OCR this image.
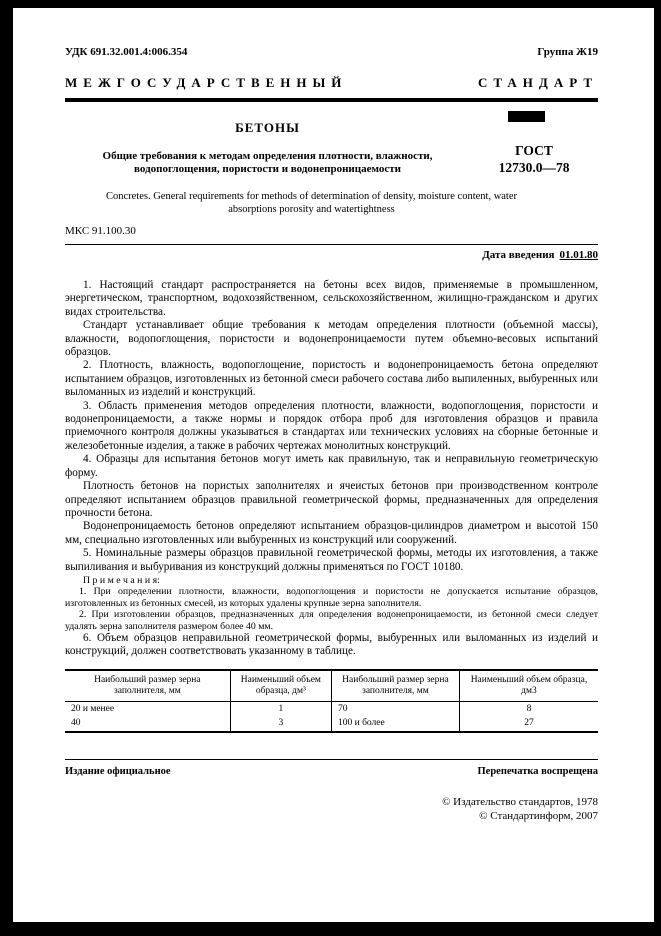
УДК 691.32.001.4:006.354	Группа Ж19
МЕЖГОСУДАРСТВЕННЫЙ СТАНДАРТ
БЕТОНЫ
Общие требования к методам определения плотности, влажности, водопоглощения, пористости и водонепроницаемости
ГОСТ
12730.0—78
Concretes. General requirements for methods of determination of density, moisture content, water absorptions porosity and watertightness
МКС 91.100.30
Дата введения 01.01.80

1. Настоящий стандарт распространяется на бетоны всех видов, применяемые в промышленном, энергетическом, транспортном, водохозяйственном, сельскохозяйственном, жилищно-гражданском и других видах строительства.

Стандарт устанавливает общие требования к методам определения плотности (объемной массы), влажности, водопоглощения, пористости и водонепроницаемости путем объемно-весовых испытаний образцов.

2. Плотность, влажность, водопоглощение, пористость и водонепроницаемость бетона определяют испытанием образцов, изготовленных из бетонной смеси рабочего состава либо выпиленных, выбуренных или выломанных из изделий и конструкций.

3. Область применения методов определения плотности, влажности, водопоглощения, пористости и водонепроницаемости, а также нормы и порядок отбора проб для изготовления образцов и правила приемочного контроля должны указываться в стандартах или технических условиях на сборные бетонные и железобетонные изделия, а также в рабочих чертежах монолитных конструкций.

4. Образцы для испытания бетонов могут иметь как правильную, так и неправильную геометрическую форму.

Плотность бетонов на пористых заполнителях и ячеистых бетонов при производственном контроле определяют испытанием образцов правильной геометрической формы, предназначенных для определения прочности бетона.

Водонепроницаемость бетонов определяют испытанием образцов-цилиндров диаметром и высотой 150 мм, специально изготовленных или выбуренных из конструкций или сооружений.

5. Номинальные размеры образцов правильной геометрической формы, методы их изготовления, а также выпиливания и выбуривания из конструкций должны применяться по ГОСТ 10180.

П р и м е ч а н и я:

1. При определении плотности, влажности, водопоглощения и пористости не допускается испытание образцов, изготовленных из бетонных смесей, из которых удалены крупные зерна заполнителя.

2. При изготовлении образцов, предназначенных для определения водонепроницаемости, из бетонной смеси следует удалять зерна заполнителя размером более 40 мм.

6. Объем образцов неправильной геометрической формы, выбуренных или выломанных из изделий и конструкций, должен соответствовать указанному в таблице.

Наибольший размер зерна заполнителя, мм	Наименьший объем образца, дм³	Наибольший размер зерна заполнителя, мм	Наименьший объем образца, дм3
20 и менее	1	70	8
40	3	100 и более	27
Издание официальное	Перепечатка воспрещена
© Издательство стандартов, 1978
© Стандартинформ, 2007
